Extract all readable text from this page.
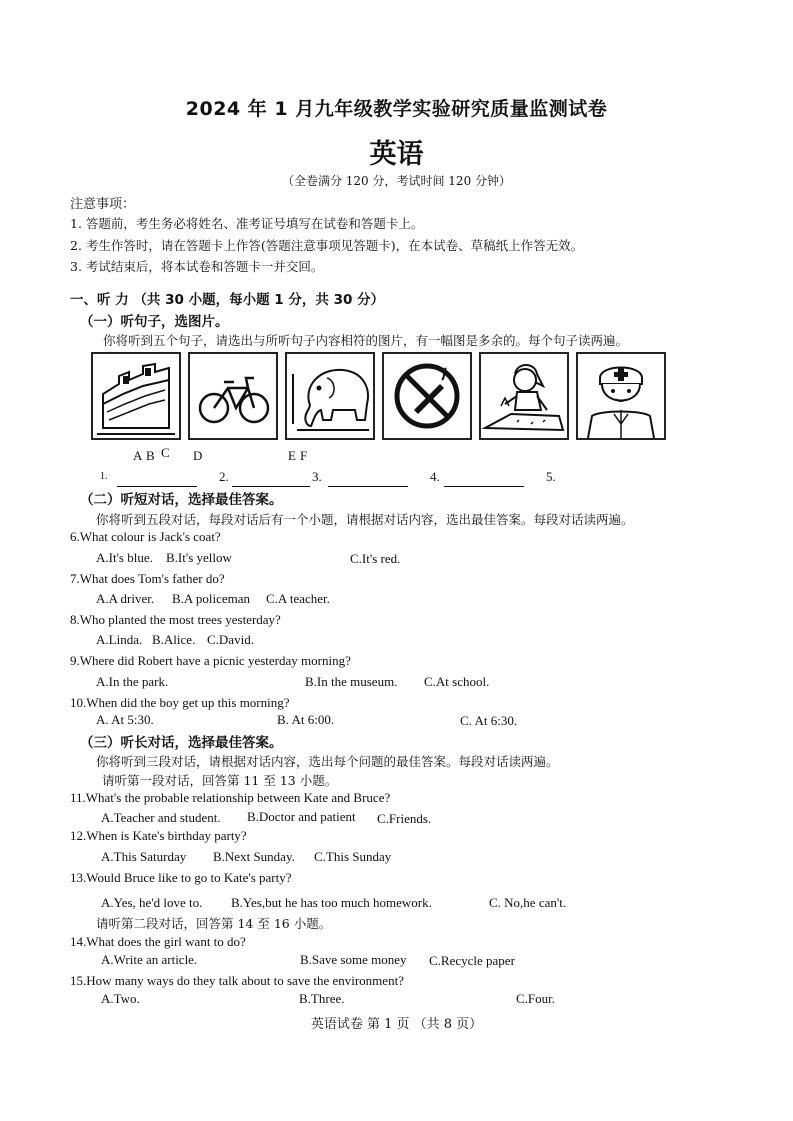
2024 年 1 月九年级教学实验研究质量监测试卷
英语
（全卷满分 120 分，考试时间 120 分钟）
注意事项：
1. 答题前，考生务必将姓名、准考证号填写在试卷和答题卡上。
2. 考生作答时，请在答题卡上作答(答题注意事项见答题卡)，在本试卷、草稿纸上作答无效。
3. 考试结束后，将本试卷和答题卡一并交回。
一、听 力 （共 30 小题，每小题 1 分，共 30 分）
（一）听句子，选图片。
你将听到五个句子，请选出与所听句子内容相符的图片，有一幅图是多余的。每个句子读两遍。
A B C D	E F
1.	2.	3.	4.	5.
（二）听短对话，选择最佳答案。
你将听到五段对话，每段对话后有一个小题，请根据对话内容，选出最佳答案。每段对话读两遍。
6.What colour is Jack's coat?
A.It's blue. B.It's yellow	C.It's red.
7.What does Tom's father do?
A.A driver. B.A policeman C.A teacher.
8.Who planted the most trees yesterday?
A.Linda. B.Alice. C.David.
9.Where did Robert have a picnic yesterday morning?
A.In the park.	B.In the museum. C.At school.
10.When did the boy get up this morning?
A. At 5:30.	B. At 6:00.	C. At 6:30.
（三）听长对话，选择最佳答案。
你将听到三段对话，请根据对话内容，选出每个问题的最佳答案。每段对话读两遍。
请听第一段对话，回答第 11 至 13 小题。
11.What's the probable relationship between Kate and Bruce?
A.Teacher and student. B.Doctor and patient C.Friends.
12.When is Kate's birthday party?
A.This Saturday B.Next Sunday. C.This Sunday
13.Would Bruce like to go to Kate's party?
A.Yes, he'd love to. B.Yes,but he has too much homework.	C. No,he can't.
请听第二段对话，回答第 14 至 16 小题。
14.What does the girl want to do?
A.Write an article.	B.Save some money C.Recycle paper
15.How many ways do they talk about to save the environment?
A.Two.	B.Three.	C.Four.
英语试卷 第 1 页 （共 8 页）
